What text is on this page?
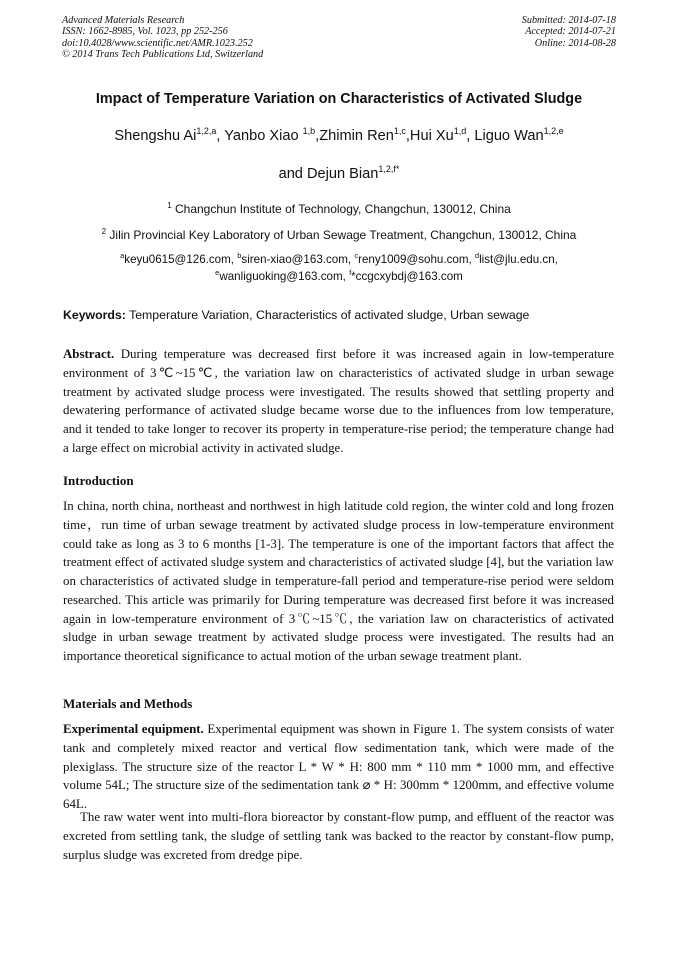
Advanced Materials Research
ISSN: 1662-8985, Vol. 1023, pp 252-256
doi:10.4028/www.scientific.net/AMR.1023.252
© 2014 Trans Tech Publications Ltd, Switzerland
Submitted: 2014-07-18
Accepted: 2014-07-21
Online: 2014-08-28
Impact of Temperature Variation on Characteristics of Activated Sludge
Shengshu Ai$^{1,2,a}$, Yanbo Xiao $^{1,b}$,Zhimin Ren$^{1,c}$,Hui Xu$^{1,d}$, Liguo Wan$^{1,2,e}$
and Dejun Bian$^{1,2,f*}$
$^1$ Changchun Institute of Technology, Changchun, 130012, China
$^2$ Jilin Provincial Key Laboratory of Urban Sewage Treatment, Changchun, 130012, China
$^a$keyu0615@126.com, $^b$siren-xiao@163.com, $^c$reny1009@sohu.com, $^d$list@jlu.edu.cn,
$^e$wanliguoking@163.com, $^f$*ccgcxybdj@163.com
Keywords: Temperature Variation, Characteristics of activated sludge, Urban sewage
Abstract. During temperature was decreased first before it was increased again in low-temperature environment of 3℃~15℃, the variation law on characteristics of activated sludge in urban sewage treatment by activated sludge process were investigated. The results showed that settling property and dewatering performance of activated sludge became worse due to the influences from low temperature, and it tended to take longer to recover its property in temperature-rise period; the temperature change had a large effect on microbial activity in activated sludge.
Introduction
In china, north china, northeast and northwest in high latitude cold region, the winter cold and long frozen time，run time of urban sewage treatment by activated sludge process in low-temperature environment could take as long as 3 to 6 months [1-3]. The temperature is one of the important factors that affect the treatment effect of activated sludge system and characteristics of activated sludge [4], but the variation law on characteristics of activated sludge in temperature-fall period and temperature-rise period were seldom researched. This article was primarily for During temperature was decreased first before it was increased again in low-temperature environment of 3℃~15℃, the variation law on characteristics of activated sludge in urban sewage treatment by activated sludge process were investigated. The results had an importance theoretical significance to actual motion of the urban sewage treatment plant.
Materials and Methods
Experimental equipment. Experimental equipment was shown in Figure 1. The system consists of water tank and completely mixed reactor and vertical flow sedimentation tank, which were made of the plexiglass. The structure size of the reactor L * W * H: 800 mm * 110 mm * 1000 mm, and effective volume 54L; The structure size of the sedimentation tank ⌀ * H: 300mm * 1200mm, and effective volume 64L.
The raw water went into multi-flora bioreactor by constant-flow pump, and effluent of the reactor was excreted from settling tank, the sludge of settling tank was backed to the reactor by constant-flow pump, surplus sludge was excreted from dredge pipe.
